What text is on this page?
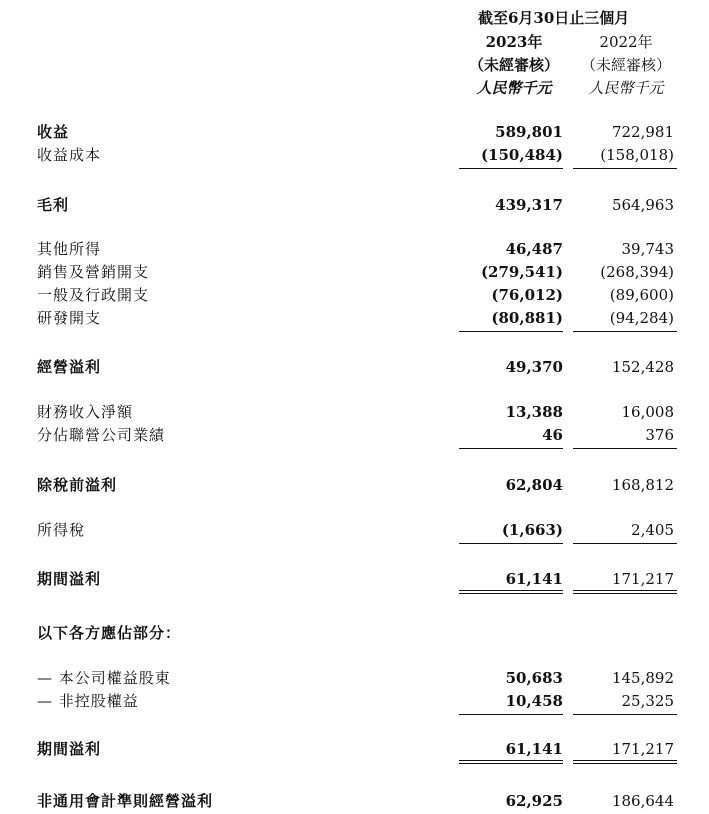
截至6月30日止三個月
2023年	2022年
（未經審核）	（未經審核）
人民幣千元	人民幣千元
收益	589,801	722,981
收益成本	(150,484) (158,018)
毛利	439,317	564,963
其他所得	46,487	39,743
銷售及營銷開支	(279,541) (268,394)
一般及行政開支	(76,012)	(89,600)
研發開支	(80,881)	(94,284)
經營溢利	49,370	152,428
財務收入淨額	13,388	16,008
分佔聯營公司業績	46	376
除稅前溢利	62,804	168,812
所得稅	(1,663)	2,405
期間溢利	61,141	171,217
以下各方應佔部分：
— 本公司權益股東	50,683	145,892
— 非控股權益	10,458	25,325
期間溢利	61,141	171,217
非通用會計準則經營溢利	62,925	186,644
